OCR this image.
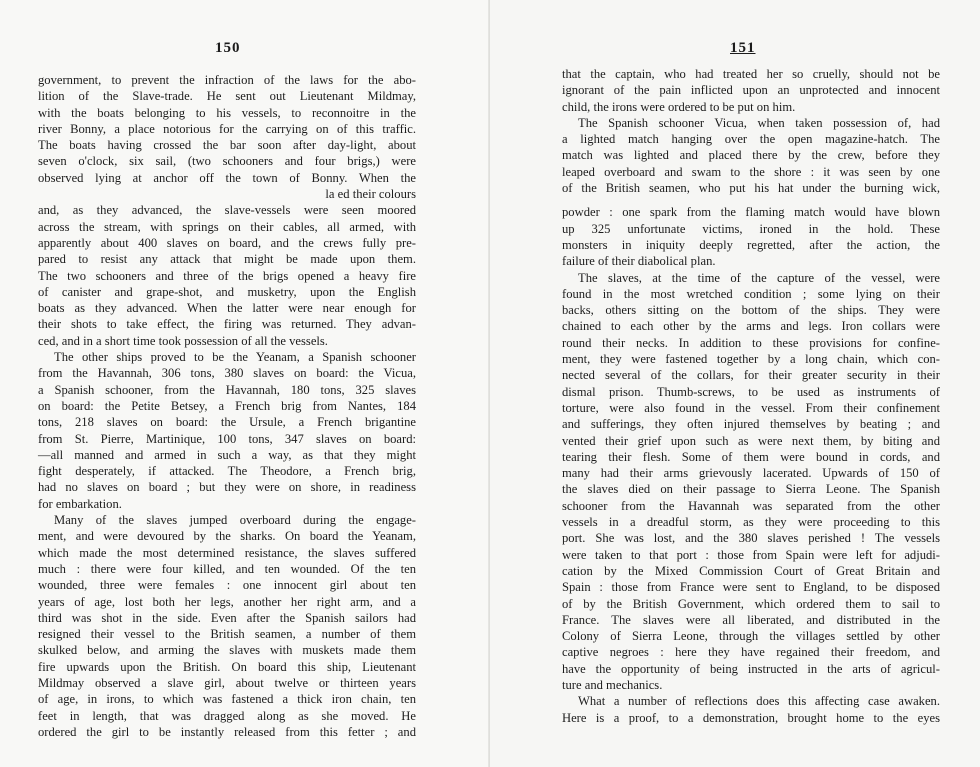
150
government, to prevent the infraction of the laws for the abo-
lition of the Slave-trade. He sent out Lieutenant Mildmay,
with the boats belonging to his vessels, to reconnoitre in the
river Bonny, a place notorious for the carrying on of this traffic.
The boats having crossed the bar soon after day-light, about
seven o'clock, six sail, (two schooners and four brigs,) were
observed lying at anchor off the town of Bonny. When the
la ed their colours
and, as they advanced, the slave-vessels were seen moored
across the stream, with springs on their cables, all armed, with
apparently about 400 slaves on board, and the crews fully pre-
pared to resist any attack that might be made upon them.
The two schooners and three of the brigs opened a heavy fire
of canister and grape-shot, and musketry, upon the English
boats as they advanced. When the latter were near enough for
their shots to take effect, the firing was returned. They advan-
ced, and in a short time took possession of all the vessels.
The other ships proved to be the Yeanam, a Spanish schooner
from the Havannah, 306 tons, 380 slaves on board: the Vicua,
a Spanish schooner, from the Havannah, 180 tons, 325 slaves
on board: the Petite Betsey, a French brig from Nantes, 184
tons, 218 slaves on board: the Ursule, a French brigantine
from St. Pierre, Martinique, 100 tons, 347 slaves on board:
—all manned and armed in such a way, as that they might
fight desperately, if attacked. The Theodore, a French brig,
had no slaves on board ; but they were on shore, in readiness
for embarkation.
Many of the slaves jumped overboard during the engage-
ment, and were devoured by the sharks. On board the Yeanam,
which made the most determined resistance, the slaves suffered
much : there were four killed, and ten wounded. Of the ten
wounded, three were females : one innocent girl about ten
years of age, lost both her legs, another her right arm, and a
third was shot in the side. Even after the Spanish sailors had
resigned their vessel to the British seamen, a number of them
skulked below, and arming the slaves with muskets made them
fire upwards upon the British. On board this ship, Lieutenant
Mildmay observed a slave girl, about twelve or thirteen years
of age, in irons, to which was fastened a thick iron chain, ten
feet in length, that was dragged along as she moved. He
ordered the girl to be instantly released from this fetter ; and
151
that the captain, who had treated her so cruelly, should not be
ignorant of the pain inflicted upon an unprotected and innocent
child, the irons were ordered to be put on him.
The Spanish schooner Vicua, when taken possession of, had
a lighted match hanging over the open magazine-hatch. The
match was lighted and placed there by the crew, before they
leaped overboard and swam to the shore : it was seen by one
of the British seamen, who put his hat under the burning wick,
powder : one spark from the flaming match would have blown
up 325 unfortunate victims, ironed in the hold. These
monsters in iniquity deeply regretted, after the action, the
failure of their diabolical plan.
The slaves, at the time of the capture of the vessel, were
found in the most wretched condition ; some lying on their
backs, others sitting on the bottom of the ships. They were
chained to each other by the arms and legs. Iron collars were
round their necks. In addition to these provisions for confine-
ment, they were fastened together by a long chain, which con-
nected several of the collars, for their greater security in their
dismal prison. Thumb-screws, to be used as instruments of
torture, were also found in the vessel. From their confinement
and sufferings, they often injured themselves by beating ; and
vented their grief upon such as were next them, by biting and
tearing their flesh. Some of them were bound in cords, and
many had their arms grievously lacerated. Upwards of 150 of
the slaves died on their passage to Sierra Leone. The Spanish
schooner from the Havannah was separated from the other
vessels in a dreadful storm, as they were proceeding to this
port. She was lost, and the 380 slaves perished ! The vessels
were taken to that port : those from Spain were left for adjudi-
cation by the Mixed Commission Court of Great Britain and
Spain : those from France were sent to England, to be disposed
of by the British Government, which ordered them to sail to
France. The slaves were all liberated, and distributed in the
Colony of Sierra Leone, through the villages settled by other
captive negroes : here they have regained their freedom, and
have the opportunity of being instructed in the arts of agricul-
ture and mechanics.
What a number of reflections does this affecting case awaken.
Here is a proof, to a demonstration, brought home to the eyes
